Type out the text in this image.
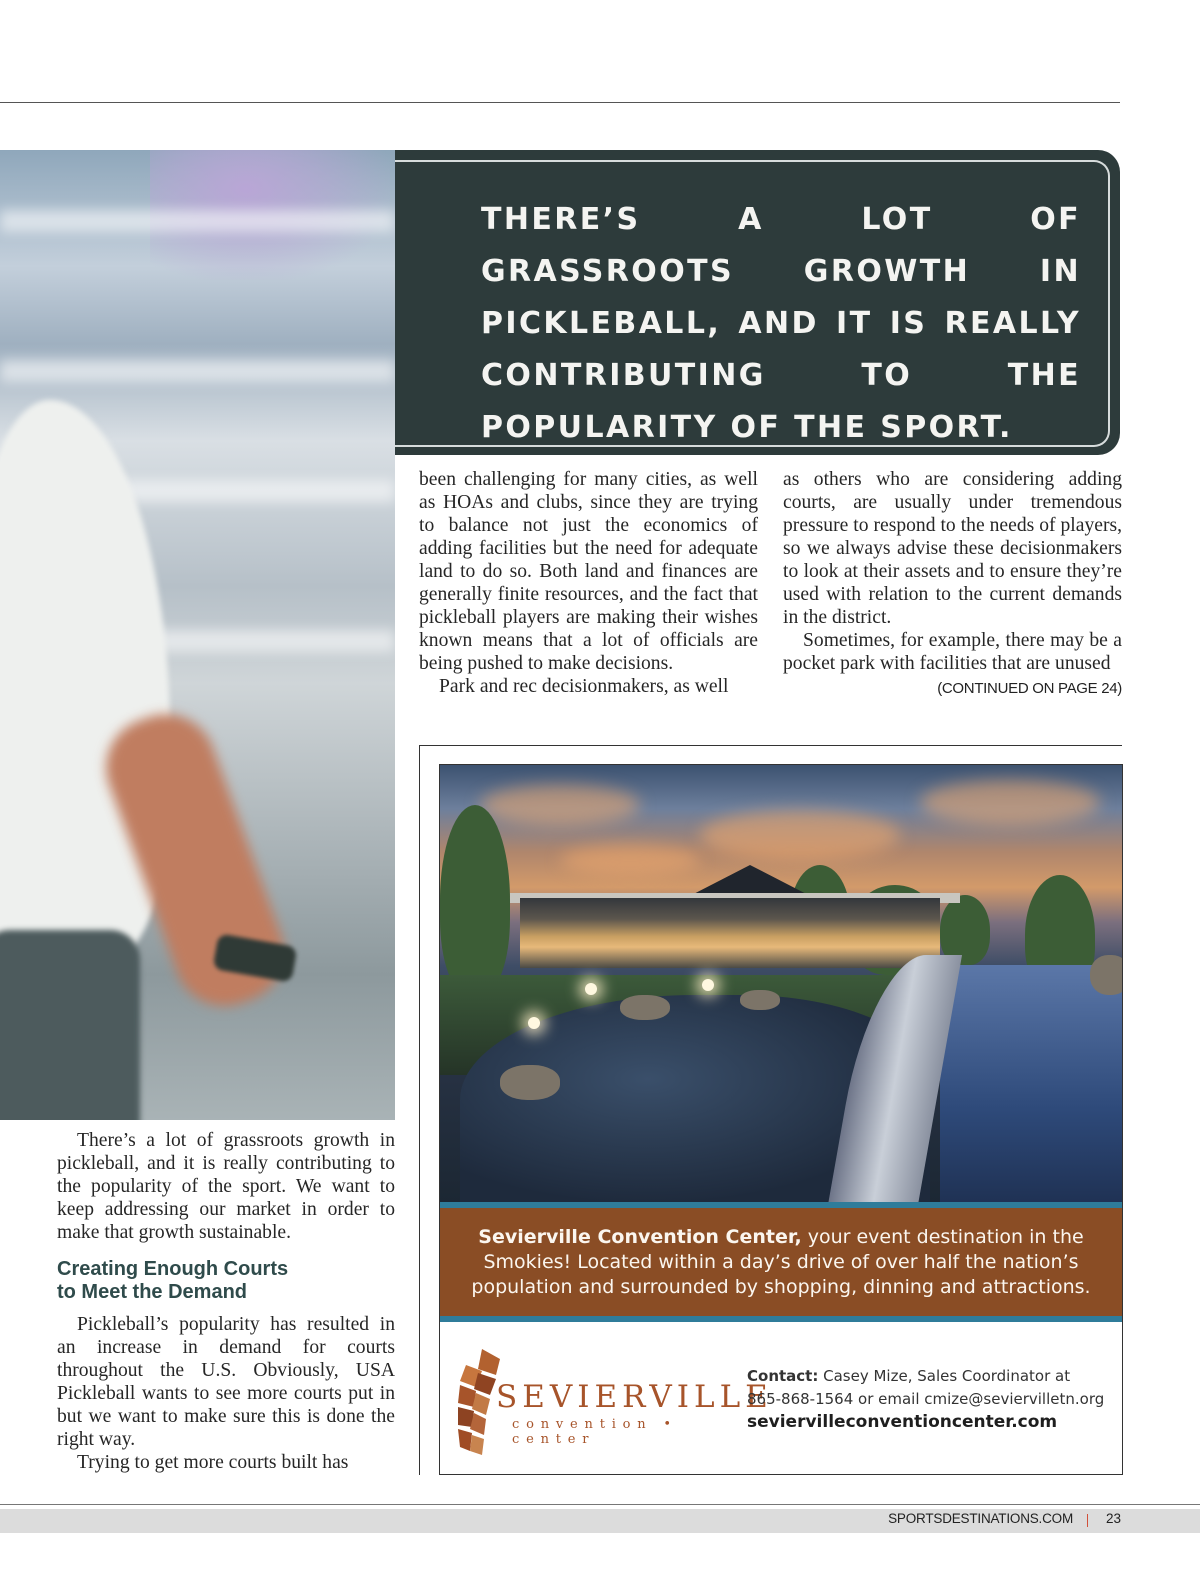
THERE’S A LOT OF GRASSROOTS GROWTH IN PICKLEBALL, AND IT IS REALLY CONTRIBUTING TO THE POPULARITY OF THE SPORT.

been challenging for many cities, as well as HOAs and clubs, since they are trying to balance not just the economics of adding facilities but the need for adequate land to do so. Both land and finances are generally finite resources, and the fact that pickleball players are making their wishes known means that a lot of officials are being pushed to make decisions.

Park and rec decisionmakers, as well

as others who are considering adding courts, are usually under tremendous pressure to respond to the needs of players, so we always advise these decisionmakers to look at their assets and to ensure they’re used with relation to the current demands in the district.

Sometimes, for example, there may be a pocket park with facilities that are unused
(CONTINUED ON PAGE 24)

There’s a lot of grassroots growth in pickleball, and it is really contributing to the popularity of the sport. We want to keep addressing our market in order to make that growth sustainable.

Creating Enough Courts
to Meet the Demand

Pickleball’s popularity has resulted in an increase in demand for courts throughout the U.S. Obviously, USA Pickleball wants to see more courts put in but we want to make sure this is done the right way.

Trying to get more courts built has

Sevierville Convention Center, your event destination in the Smokies! Located within a day’s drive of over half the nation’s population and surrounded by shopping, dinning and attractions.
SEVIERVILLE
convention • center
Contact: Casey Mize, Sales Coordinator at
865-868-1564 or email cmize@seviervilletn.org
seviervilleconventioncenter.com
SPORTSDESTINATIONS.COM 23
